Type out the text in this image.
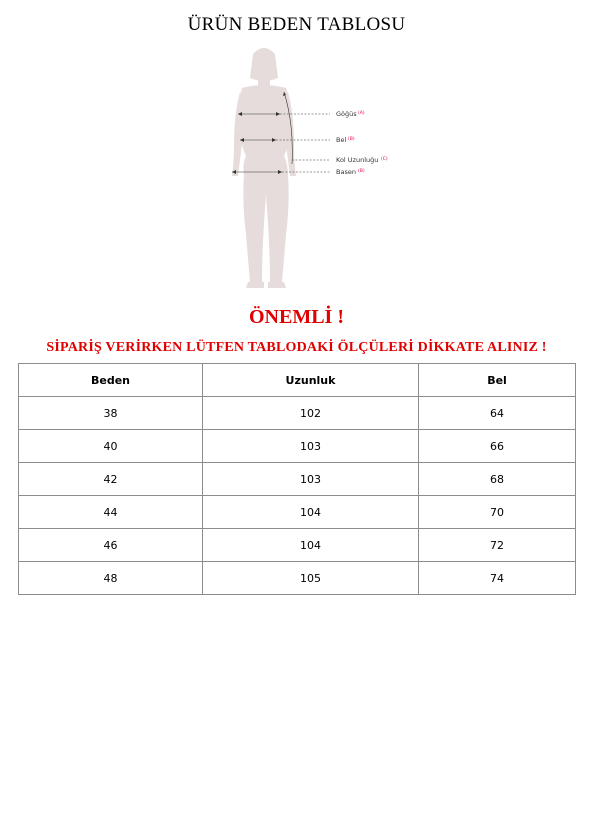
ÜRÜN BEDEN TABLOSU
Göğüs (A)
Bel (B)
Kol Uzunluğu (C)
Basen (B)
ÖNEMLİ !
SİPARİŞ VERİRKEN LÜTFEN TABLODAKİ ÖLÇÜLERİ DİKKATE ALINIZ !
Beden	Uzunluk	Bel
38	102	64
40	103	66
42	103	68
44	104	70
46	104	72
48	105	74
